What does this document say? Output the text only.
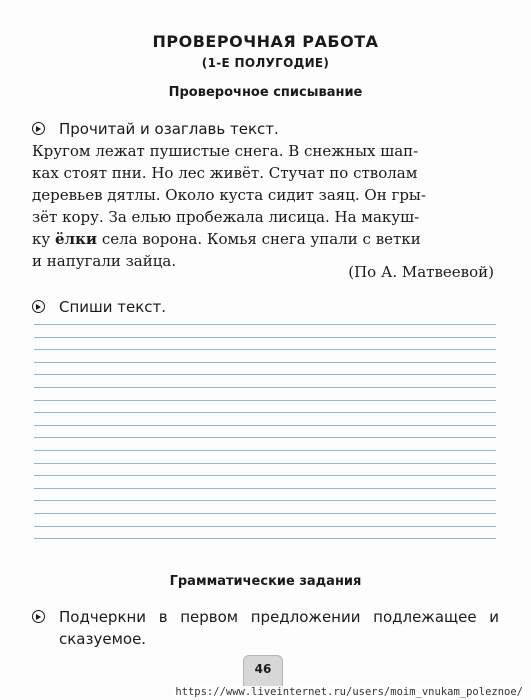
ПРОВЕРОЧНАЯ РАБОТА
(1-Е ПОЛУГОДИЕ)
Проверочное списывание
Прочитай и озаглавь текст.
Кругом лежат пушистые снега. В снежных шап-
ках стоят пни. Но лес живёт. Стучат по стволам
деревьев дятлы. Около куста сидит заяц. Он гры-
зёт кору. За елью пробежала лисица. На макуш-
ку ёлки села ворона. Комья снега упали с ветки
и напугали зайца.
(По А. Матвеевой)
Спиши текст.
Грамматические задания
Подчеркни в первом предложении подлежащее и сказуемое.
46
https://www.liveinternet.ru/users/moim_vnukam_poleznoe/
